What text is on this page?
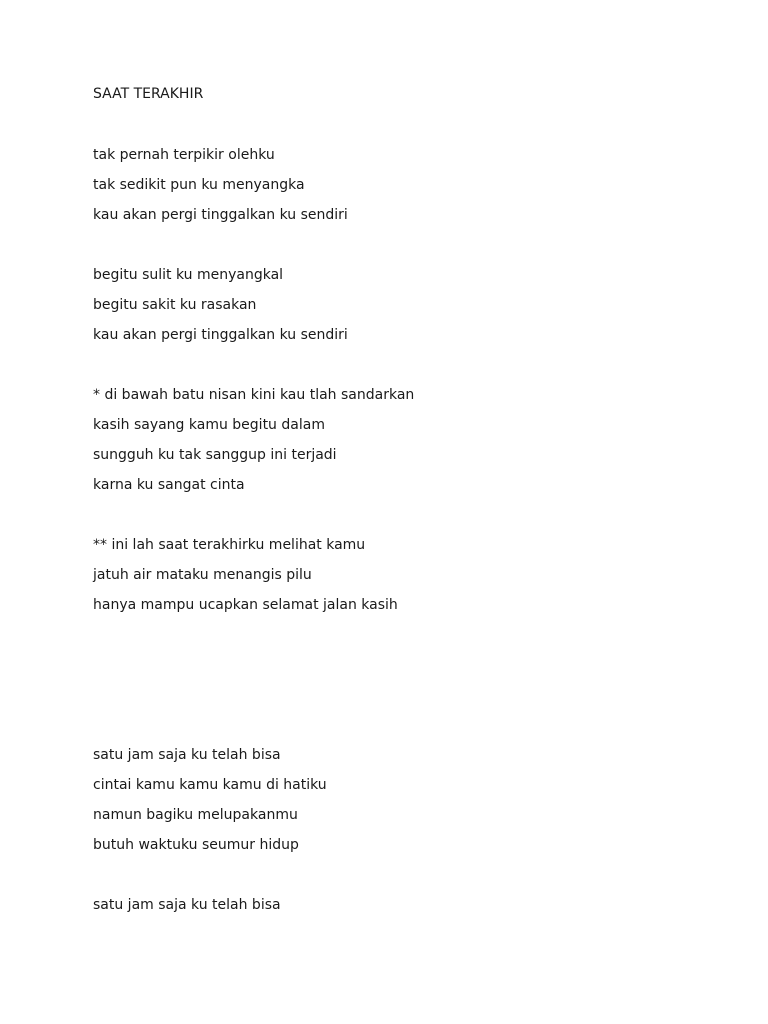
SAAT TERAKHIR
tak pernah terpikir olehku
tak sedikit pun ku menyangka
kau akan pergi tinggalkan ku sendiri
begitu sulit ku menyangkal
begitu sakit ku rasakan
kau akan pergi tinggalkan ku sendiri
* di bawah batu nisan kini kau tlah sandarkan
kasih sayang kamu begitu dalam
sungguh ku tak sanggup ini terjadi
karna ku sangat cinta
** ini lah saat terakhirku melihat kamu
jatuh air mataku menangis pilu
hanya mampu ucapkan selamat jalan kasih
satu jam saja ku telah bisa
cintai kamu kamu kamu di hatiku
namun bagiku melupakanmu
butuh waktuku seumur hidup
satu jam saja ku telah bisa
